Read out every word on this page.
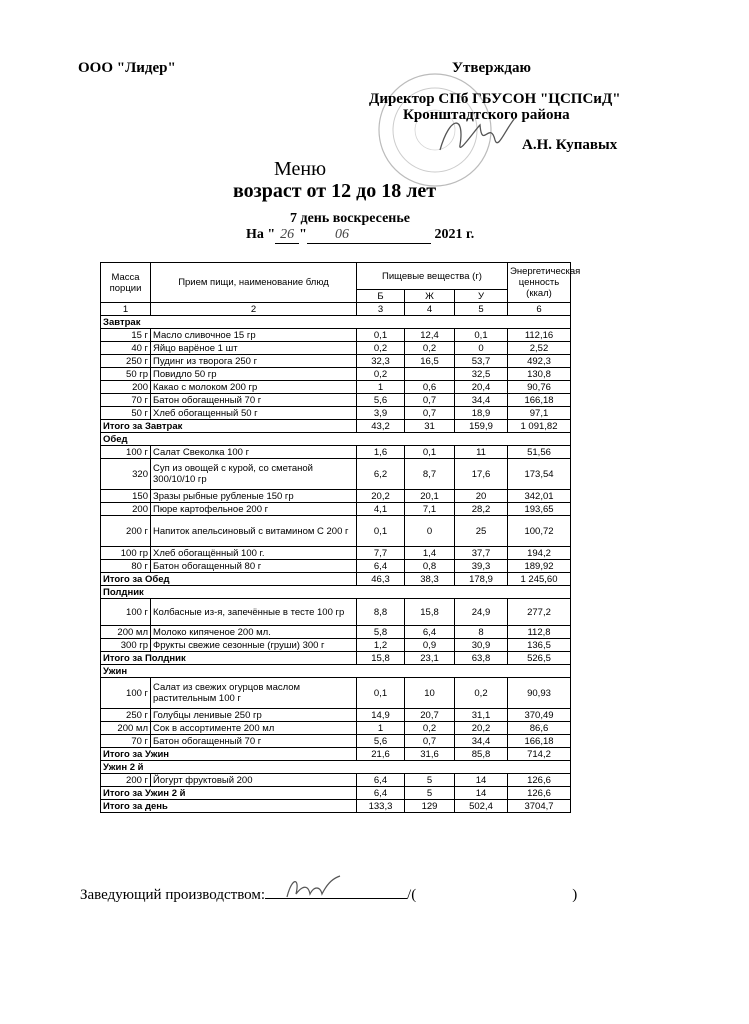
ООО "Лидер"	Утверждаю
Директор СПб ГБУСОН "ЦСПСиД"
Кронштадтского района
А.Н. Купавых
Меню
возраст от 12 до 18 лет
7 день воскресенье
На " 26 " 06	2021 г.
Масса порции	Прием пищи, наименование блюд	Пищевые вещества (г)			Энергетическая ценность (ккал)
		Б	Ж	У	
1	2	3	4	5	6
Завтрак					
15 г	Масло сливочное 15 гр	0,1	12,4	0,1	112,16
40 г	Яйцо варёное 1 шт	0,2	0,2	0	2,52
250 г	Пудинг из творога 250 г	32,3	16,5	53,7	492,3
50 гр	Повидло 50 гр	0,2		32,5	130,8
200	Какао с молоком 200 гр	1	0,6	20,4	90,76
70 г	Батон обогащенный 70 г	5,6	0,7	34,4	166,18
50 г	Хлеб обогащенный 50 г	3,9	0,7	18,9	97,1
Итого за Завтрак		43,2	31	159,9	1 091,82
Обед					
100 г	Салат Свеколка 100 г	1,6	0,1	11	51,56
320	Суп из овощей с курой, со сметаной 300/10/10 гр	6,2	8,7	17,6	173,54
150	Зразы рыбные рубленые 150 гр	20,2	20,1	20	342,01
200	Пюре картофельное 200 г	4,1	7,1	28,2	193,65
200 г	Напиток апельсиновый с витамином С 200 г	0,1	0	25	100,72
100 гр	Хлеб обогащённый 100 г.	7,7	1,4	37,7	194,2
80 г	Батон обогащенный 80 г	6,4	0,8	39,3	189,92
Итого за Обед		46,3	38,3	178,9	1 245,60
Полдник					
100 г	Колбасные из-я, запечённые в тесте 100 гр	8,8	15,8	24,9	277,2
200 мл	Молоко кипяченое 200 мл.	5,8	6,4	8	112,8
300 гр	Фрукты свежие сезонные (груши) 300 г	1,2	0,9	30,9	136,5
Итого за Полдник		15,8	23,1	63,8	526,5
Ужин					
100 г	Салат из свежих огурцов маслом растительным 100 г	0,1	10	0,2	90,93
250 г	Голубцы ленивые 250 гр	14,9	20,7	31,1	370,49
200 мл	Сок в ассортименте 200 мл	1	0,2	20,2	86,6
70 г	Батон обогащенный 70 г	5,6	0,7	34,4	166,18
Итого за Ужин		21,6	31,6	85,8	714,2
Ужин 2 й					
200 г	Йогурт фруктовый 200	6,4	5	14	126,6
Итого за Ужин 2 й		6,4	5	14	126,6
Итого за день		133,3	129	502,4	3704,7
Заведующий производством:	/(	)
